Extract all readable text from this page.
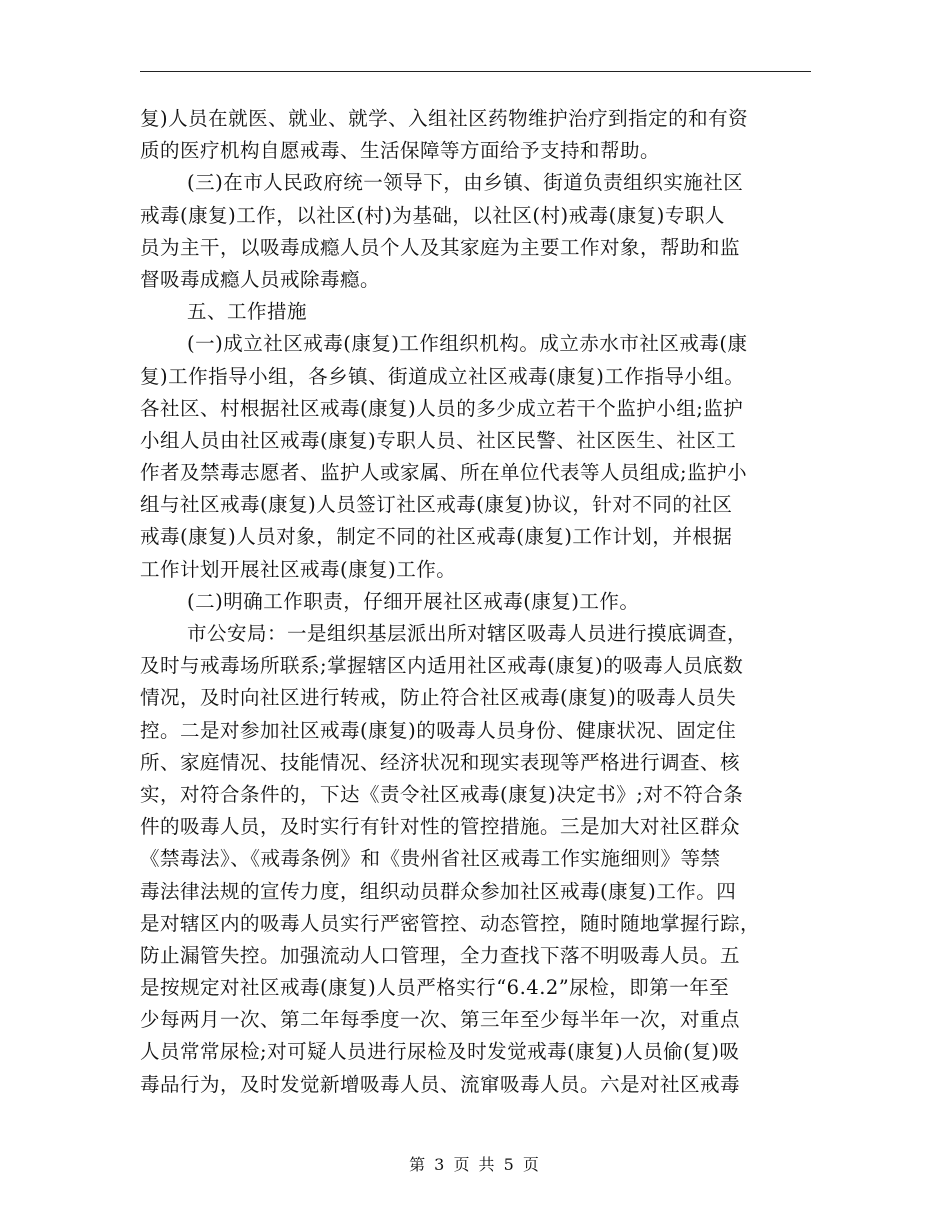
复)人员在就医、就业、就学、入组社区药物维护治疗到指定的和有资
质的医疗机构自愿戒毒、生活保障等方面给予支持和帮助。
(三)在市人民政府统一领导下，由乡镇、街道负责组织实施社区
戒毒(康复)工作，以社区(村)为基础，以社区(村)戒毒(康复)专职人
员为主干，以吸毒成瘾人员个人及其家庭为主要工作对象，帮助和监
督吸毒成瘾人员戒除毒瘾。
五、工作措施
(一)成立社区戒毒(康复)工作组织机构。成立赤水市社区戒毒(康
复)工作指导小组，各乡镇、街道成立社区戒毒(康复)工作指导小组。
各社区、村根据社区戒毒(康复)人员的多少成立若干个监护小组;监护
小组人员由社区戒毒(康复)专职人员、社区民警、社区医生、社区工
作者及禁毒志愿者、监护人或家属、所在单位代表等人员组成;监护小
组与社区戒毒(康复)人员签订社区戒毒(康复)协议，针对不同的社区
戒毒(康复)人员对象，制定不同的社区戒毒(康复)工作计划，并根据
工作计划开展社区戒毒(康复)工作。
(二)明确工作职责，仔细开展社区戒毒(康复)工作。
市公安局：一是组织基层派出所对辖区吸毒人员进行摸底调查，
及时与戒毒场所联系;掌握辖区内适用社区戒毒(康复)的吸毒人员底数
情况，及时向社区进行转戒，防止符合社区戒毒(康复)的吸毒人员失
控。二是对参加社区戒毒(康复)的吸毒人员身份、健康状况、固定住
所、家庭情况、技能情况、经济状况和现实表现等严格进行调查、核
实，对符合条件的，下达《责令社区戒毒(康复)决定书》;对不符合条
件的吸毒人员，及时实行有针对性的管控措施。三是加大对社区群众
《禁毒法》、《戒毒条例》和《贵州省社区戒毒工作实施细则》等禁
毒法律法规的宣传力度，组织动员群众参加社区戒毒(康复)工作。四
是对辖区内的吸毒人员实行严密管控、动态管控，随时随地掌握行踪，
防止漏管失控。加强流动人口管理，全力查找下落不明吸毒人员。五
是按规定对社区戒毒(康复)人员严格实行“6.4.2”尿检，即第一年至
少每两月一次、第二年每季度一次、第三年至少每半年一次，对重点
人员常常尿检;对可疑人员进行尿检及时发觉戒毒(康复)人员偷(复)吸
毒品行为，及时发觉新增吸毒人员、流窜吸毒人员。六是对社区戒毒
第 3 页 共 5 页
